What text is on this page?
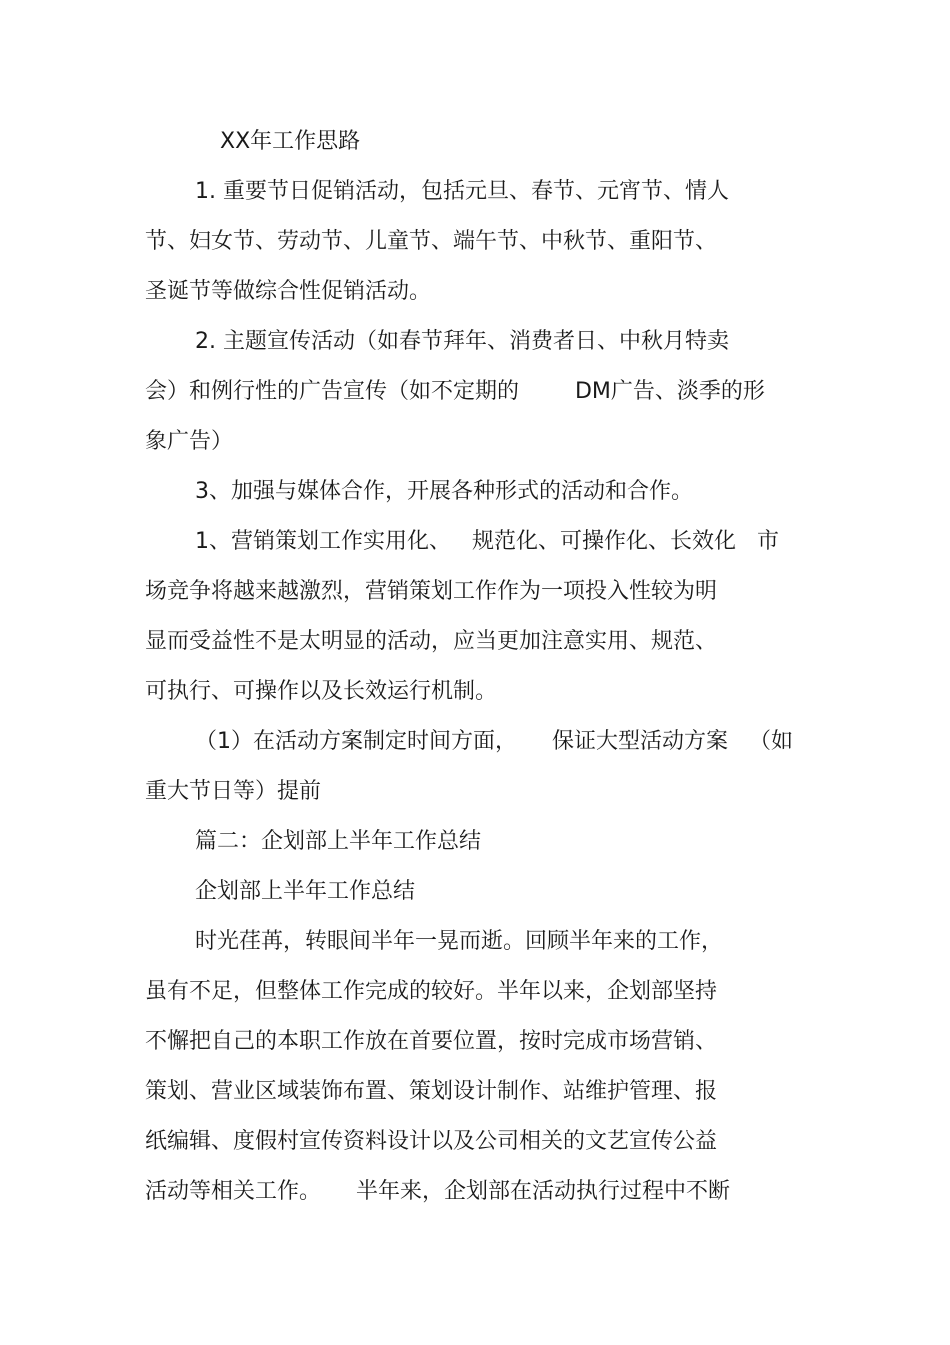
XX年工作思路
1. 重要节日促销活动，包括元旦、春节、元宵节、情人
节、妇女节、劳动节、儿童节、端午节、中秋节、重阳节、
圣诞节等做综合性促销活动。
2. 主题宣传活动（如春节拜年、消费者日、中秋月特卖
会）和例行性的广告宣传（如不定期的        DM广告、淡季的形
象广告）
3、加强与媒体合作，开展各种形式的活动和合作。
1、营销策划工作实用化、   规范化、可操作化、长效化   市
场竞争将越来越激烈，营销策划工作作为一项投入性较为明
显而受益性不是太明显的活动，应当更加注意实用、规范、
可执行、可操作以及长效运行机制。
（1）在活动方案制定时间方面，     保证大型活动方案   （如
重大节日等）提前
篇二：企划部上半年工作总结
企划部上半年工作总结
时光荏苒，转眼间半年一晃而逝。回顾半年来的工作，
虽有不足，但整体工作完成的较好。半年以来，企划部坚持
不懈把自己的本职工作放在首要位置，按时完成市场营销、
策划、营业区域装饰布置、策划设计制作、站维护管理、报
纸编辑、度假村宣传资料设计以及公司相关的文艺宣传公益
活动等相关工作。     半年来，企划部在活动执行过程中不断
